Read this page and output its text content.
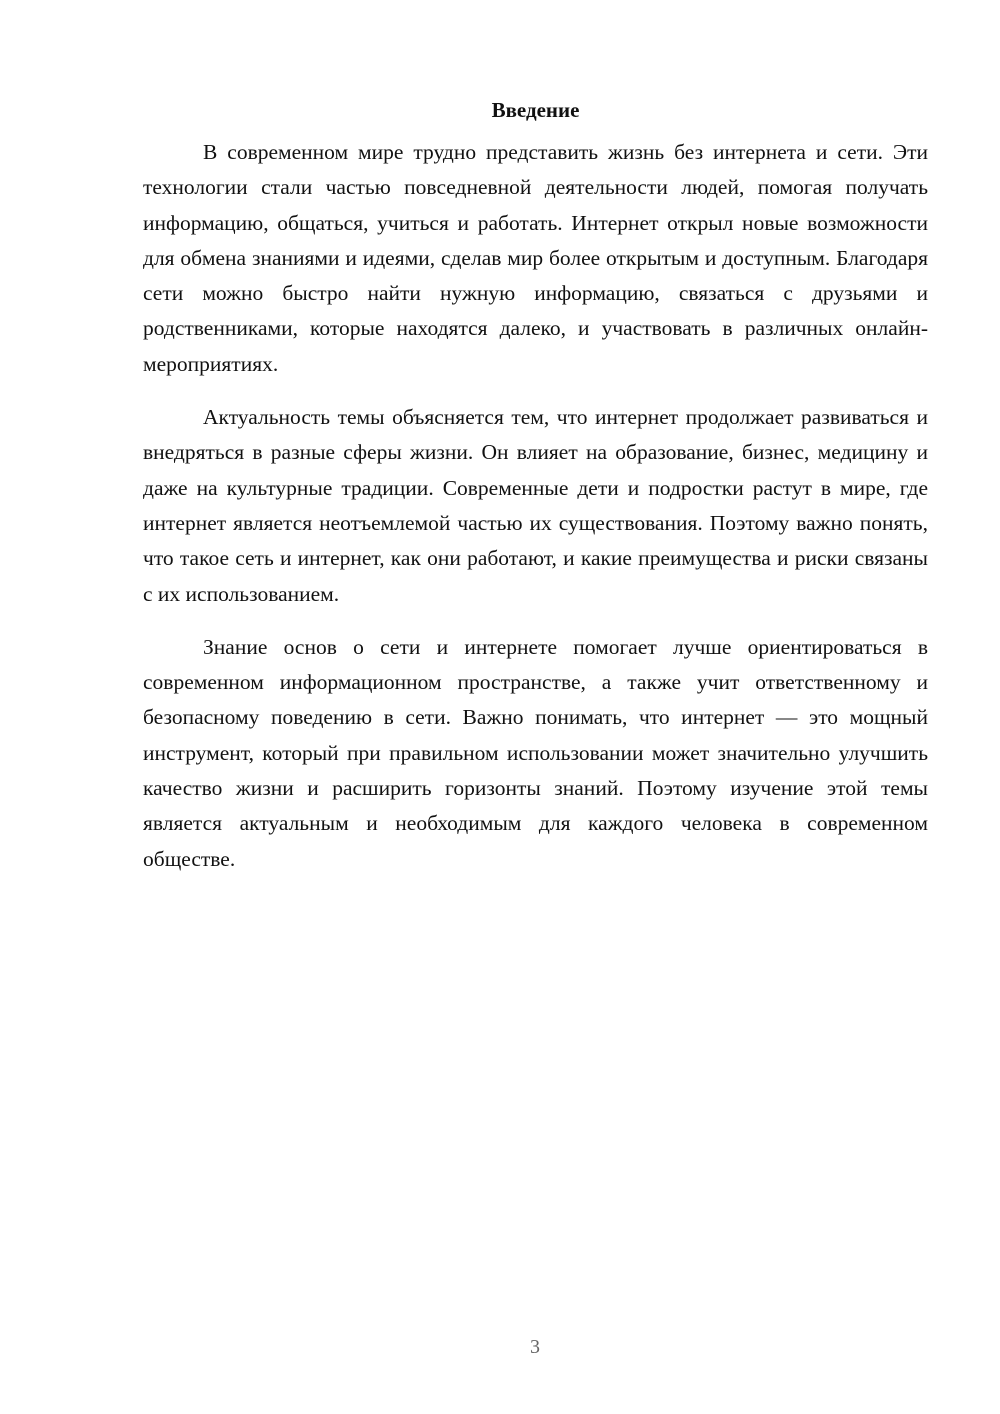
Введение

В современном мире трудно представить жизнь без интернета и сети. Эти технологии стали частью повседневной деятельности людей, помогая получать информацию, общаться, учиться и работать. Интернет открыл новые возможности для обмена знаниями и идеями, сделав мир более открытым и доступным. Благодаря сети можно быстро найти нужную информацию, связаться с друзьями и родственниками, которые находятся далеко, и участвовать в различных онлайн-мероприятиях.

Актуальность темы объясняется тем, что интернет продолжает развиваться и внедряться в разные сферы жизни. Он влияет на образование, бизнес, медицину и даже на культурные традиции. Современные дети и подростки растут в мире, где интернет является неотъемлемой частью их существования. Поэтому важно понять, что такое сеть и интернет, как они работают, и какие преимущества и риски связаны с их использованием.

Знание основ о сети и интернете помогает лучше ориентироваться в современном информационном пространстве, а также учит ответственному и безопасному поведению в сети. Важно понимать, что интернет — это мощный инструмент, который при правильном использовании может значительно улучшить качество жизни и расширить горизонты знаний. Поэтому изучение этой темы является актуальным и необходимым для каждого человека в современном обществе.

3
